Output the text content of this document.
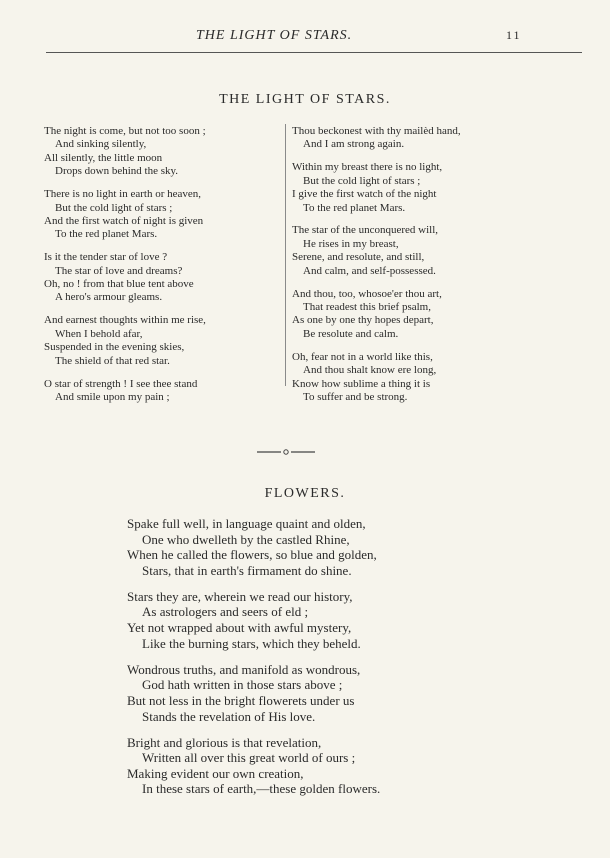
THE LIGHT OF STARS.	11
THE LIGHT OF STARS.
The night is come, but not too soon ;
And sinking silently,
All silently, the little moon
Drops down behind the sky.
There is no light in earth or heaven,
But the cold light of stars ;
And the first watch of night is given
To the red planet Mars.
Is it the tender star of love ?
The star of love and dreams?
Oh, no ! from that blue tent above
A hero's armour gleams.
And earnest thoughts within me rise,
When I behold afar,
Suspended in the evening skies,
The shield of that red star.
O star of strength ! I see thee stand
And smile upon my pain ;
Thou beckonest with thy mailèd hand,
And I am strong again.
Within my breast there is no light,
But the cold light of stars ;
I give the first watch of the night
To the red planet Mars.
The star of the unconquered will,
He rises in my breast,
Serene, and resolute, and still,
And calm, and self-possessed.
And thou, too, whosoe'er thou art,
That readest this brief psalm,
As one by one thy hopes depart,
Be resolute and calm.
Oh, fear not in a world like this,
And thou shalt know ere long,
Know how sublime a thing it is
To suffer and be strong.
FLOWERS.
Spake full well, in language quaint and olden,
One who dwelleth by the castled Rhine,
When he called the flowers, so blue and golden,
Stars, that in earth's firmament do shine.
Stars they are, wherein we read our history,
As astrologers and seers of eld ;
Yet not wrapped about with awful mystery,
Like the burning stars, which they beheld.
Wondrous truths, and manifold as wondrous,
God hath written in those stars above ;
But not less in the bright flowerets under us
Stands the revelation of His love.
Bright and glorious is that revelation,
Written all over this great world of ours ;
Making evident our own creation,
In these stars of earth,—these golden flowers.
